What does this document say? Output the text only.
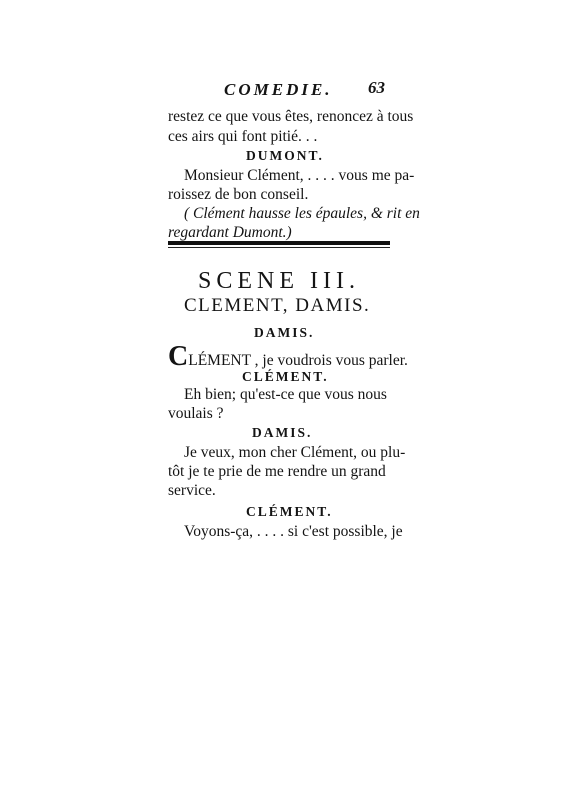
COMEDIE. 63
restez ce que vous êtes, renoncez à tous
ces airs qui font pitié. . .
DUMONT.
Monsieur Clément, . . . . vous me pa-
roissez de bon conseil.
( Clément hausse les épaules, & rit en
regardant Dumont.)
SCENE III.
CLEMENT, DAMIS.
DAMIS.
CLÉMENT , je voudrois vous parler.
CLÉMENT.
Eh bien; qu'est-ce que vous nous
voulais ?
DAMIS.
Je veux, mon cher Clément, ou plu-
tôt je te prie de me rendre un grand
service.
CLÉMENT.
Voyons-ça, . . . . si c'est possible, je
